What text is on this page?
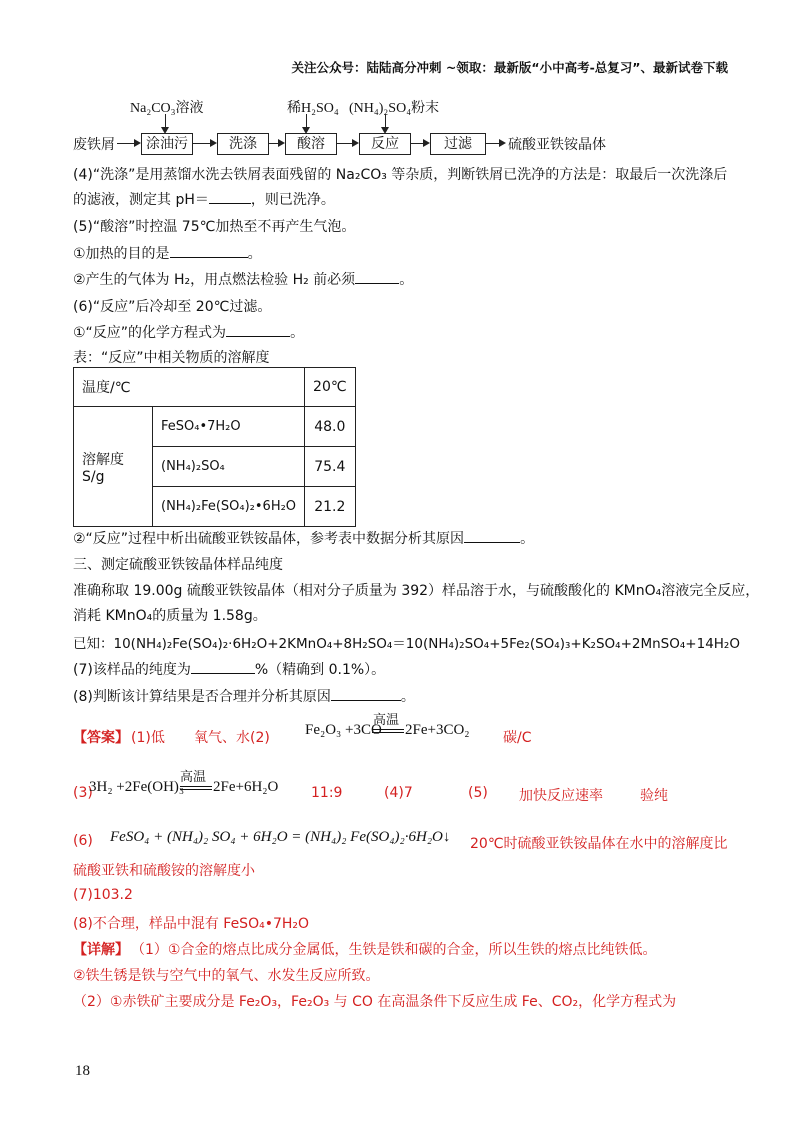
关注公众号：陆陆高分冲刺 ~领取：最新版“小中高考-总复习”、最新试卷下载
Na₂CO₃溶液	稀H₂SO₄ (NH₄)₂SO₄粉末
废铁屑	涂油污	洗涤	酸溶	反应	过滤	硫酸亚铁铵晶体
(4)“洗涤”是用蒸馏水洗去铁屑表面残留的 Na₂CO₃ 等杂质，判断铁屑已洗净的方法是：取最后一次洗涤后
的滤液，测定其 pH＝	，则已洗净。
(5)“酸溶”时控温 75℃加热至不再产生气泡。
①加热的目的是	。
②产生的气体为 H₂，用点燃法检验 H₂ 前必须	。
(6)“反应”后冷却至 20℃过滤。
①“反应”的化学方程式为	。
表：“反应”中相关物质的溶解度
温度/℃		20℃
溶解度 S/g	FeSO₄•7H₂O	48.0
	(NH₄)₂SO₄	75.4
	(NH₄)₂Fe(SO₄)₂•6H₂O	21.2
②“反应”过程中析出硫酸亚铁铵晶体，参考表中数据分析其原因	。
三、测定硫酸亚铁铵晶体样品纯度
准确称取 19.00g 硫酸亚铁铵晶体（相对分子质量为 392）样品溶于水，与硫酸酸化的 KMnO₄溶液完全反应，
消耗 KMnO₄的质量为 1.58g。
已知：10(NH₄)₂Fe(SO₄)₂·6H₂O+2KMnO₄+8H₂SO₄＝10(NH₄)₂SO₄+5Fe₂(SO₄)₃+K₂SO₄+2MnSO₄+14H₂O
(7)该样品的纯度为	%（精确到 0.1%）。
(8)判断该计算结果是否合理并分析其原因	。
【答案】 (1)低 氧气、水(2)
高温
Fe₂O₃ +3CO 2Fe+3CO₂ 碳/C
(3)
高温
3H₂ +2Fe(OH)₃ 2Fe+6H₂O 11:9	(4)7	(5) 加快反应速率	验纯
(6) FeSO₄ + (NH₄)₂ SO₄ + 6H₂O = (NH₄)₂ Fe(SO₄)₂·6H₂O↓ 20℃时硫酸亚铁铵晶体在水中的溶解度比
硫酸亚铁和硫酸铵的溶解度小
(7)103.2
(8)不合理，样品中混有 FeSO₄•7H₂O
【详解】 （1）①合金的熔点比成分金属低，生铁是铁和碳的合金，所以生铁的熔点比纯铁低。
②铁生锈是铁与空气中的氧气、水发生反应所致。
（2）①赤铁矿主要成分是 Fe₂O₃，Fe₂O₃ 与 CO 在高温条件下反应生成 Fe、CO₂，化学方程式为
18
